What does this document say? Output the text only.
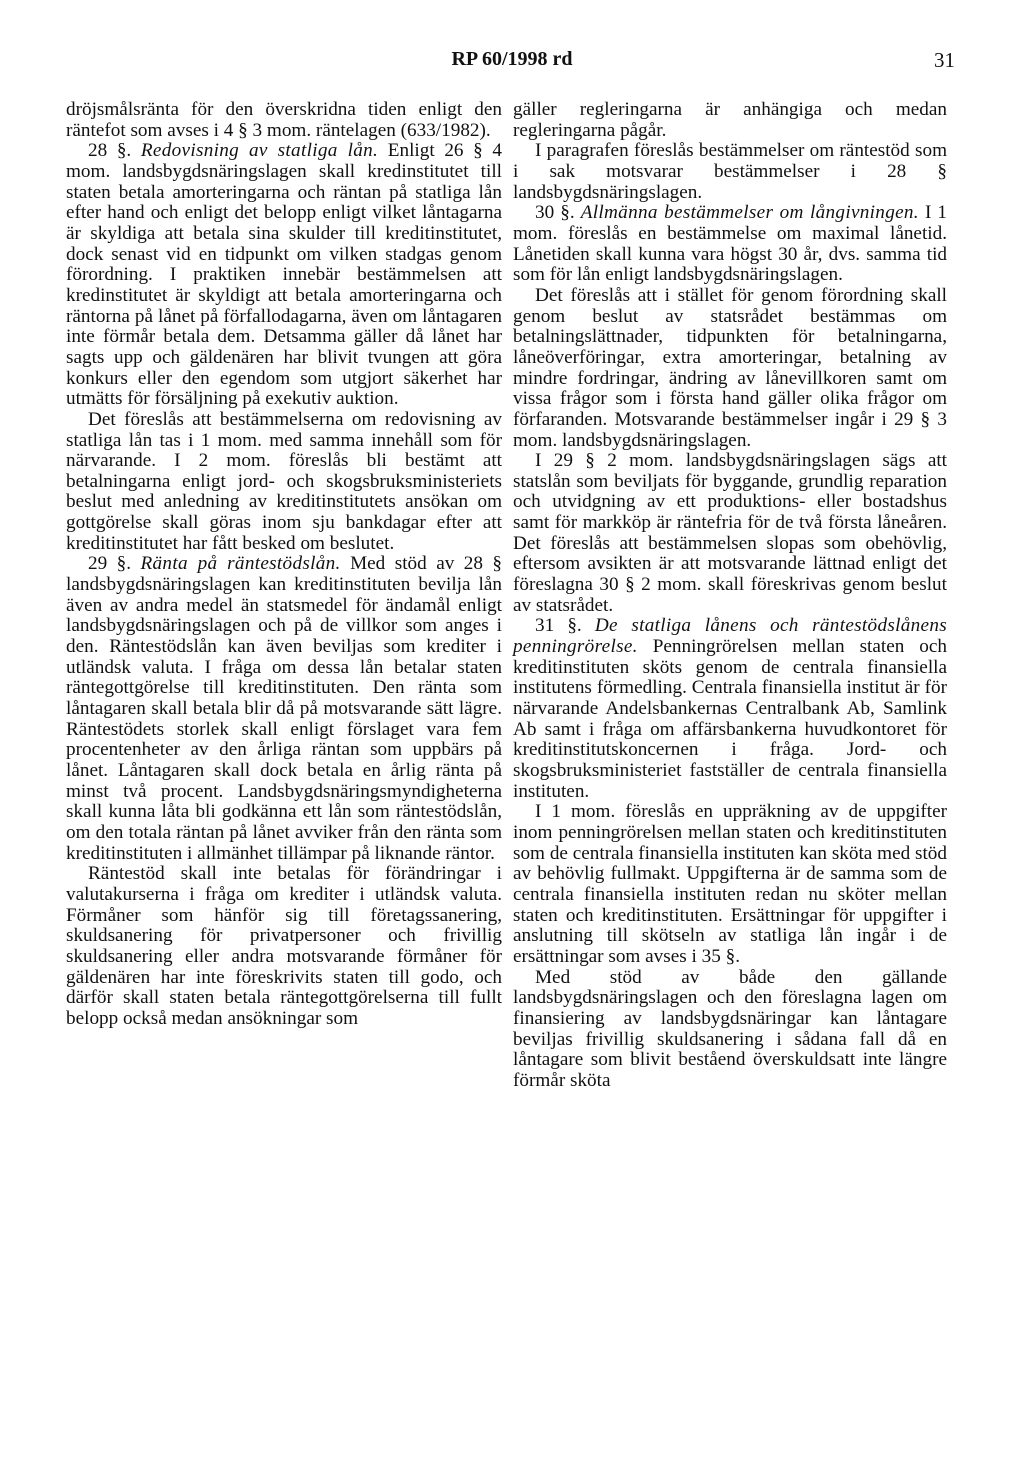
RP 60/1998 rd	31

dröjsmålsränta för den överskridna tiden enligt den räntefot som avses i 4 § 3 mom. räntelagen (633/1982).

28 §. Redovisning av statliga lån. Enligt 26 § 4 mom. landsbygdsnäringslagen skall kredinstitutet till staten betala amorteringarna och räntan på statliga lån efter hand och enligt det belopp enligt vilket låntagarna är skyldiga att betala sina skulder till kreditinstitutet, dock senast vid en tidpunkt om vilken stadgas genom förordning. I praktiken innebär bestämmelsen att kredinstitutet är skyldigt att betala amorteringarna och räntorna på lånet på förfallodagarna, även om låntagaren inte förmår betala dem. Detsamma gäller då lånet har sagts upp och gäldenären har blivit tvungen att göra konkurs eller den egendom som utgjort säkerhet har utmätts för försäljning på exekutiv auktion.

Det föreslås att bestämmelserna om redovisning av statliga lån tas i 1 mom. med samma innehåll som för närvarande. I 2 mom. föreslås bli bestämt att betalningarna enligt jord- och skogsbruksministeriets beslut med anledning av kreditinstitutets ansökan om gottgörelse skall göras inom sju bankdagar efter att kreditinstitutet har fått besked om beslutet.

29 §. Ränta på räntestödslån. Med stöd av 28 § landsbygdsnäringslagen kan kreditinstituten bevilja lån även av andra medel än statsmedel för ändamål enligt landsbygdsnäringslagen och på de villkor som anges i den. Räntestödslån kan även beviljas som krediter i utländsk valuta. I fråga om dessa lån betalar staten räntegottgörelse till kreditinstituten. Den ränta som låntagaren skall betala blir då på motsvarande sätt lägre. Räntestödets storlek skall enligt förslaget vara fem procentenheter av den årliga räntan som uppbärs på lånet. Låntagaren skall dock betala en årlig ränta på minst två procent. Landsbygdsnäringsmyndigheterna skall kunna låta bli godkänna ett lån som räntestödslån, om den totala räntan på lånet avviker från den ränta som kreditinstituten i allmänhet tillämpar på liknande räntor.

Räntestöd skall inte betalas för förändringar i valutakurserna i fråga om krediter i utländsk valuta. Förmåner som hänför sig till företagssanering, skuldsanering för privatpersoner och frivillig skuldsanering eller andra motsvarande förmåner för gäldenären har inte föreskrivits staten till godo, och därför skall staten betala räntegottgörelserna till fullt belopp också medan ansökningar som

gäller regleringarna är anhängiga och medan regleringarna pågår.

I paragrafen föreslås bestämmelser om räntestöd som i sak motsvarar bestämmelser i 28 § landsbygdsnäringslagen.

30 §. Allmänna bestämmelser om långivningen. I 1 mom. föreslås en bestämmelse om maximal lånetid. Lånetiden skall kunna vara högst 30 år, dvs. samma tid som för lån enligt landsbygdsnäringslagen.

Det föreslås att i stället för genom förordning skall genom beslut av statsrådet bestämmas om betalningslättnader, tidpunkten för betalningarna, låneöverföringar, extra amorteringar, betalning av mindre fordringar, ändring av lånevillkoren samt om vissa frågor som i första hand gäller olika frågor om förfaranden. Motsvarande bestämmelser ingår i 29 § 3 mom. landsbygdsnäringslagen.

I 29 § 2 mom. landsbygdsnäringslagen sägs att statslån som beviljats för byggande, grundlig reparation och utvidgning av ett produktions- eller bostadshus samt för markköp är räntefria för de två första låneåren. Det föreslås att bestämmelsen slopas som obehövlig, eftersom avsikten är att motsvarande lättnad enligt det föreslagna 30 § 2 mom. skall föreskrivas genom beslut av statsrådet.

31 §. De statliga lånens och räntestödslånens penningrörelse. Penningrörelsen mellan staten och kreditinstituten sköts genom de centrala finansiella institutens förmedling. Centrala finansiella institut är för närvarande Andelsbankernas Centralbank Ab, Samlink Ab samt i fråga om affärsbankerna huvudkontoret för kreditinstitutskoncernen i fråga. Jord- och skogsbruksministeriet fastställer de centrala finansiella instituten.

I 1 mom. föreslås en uppräkning av de uppgifter inom penningrörelsen mellan staten och kreditinstituten som de centrala finansiella instituten kan sköta med stöd av behövlig fullmakt. Uppgifterna är de samma som de centrala finansiella instituten redan nu sköter mellan staten och kreditinstituten. Ersättningar för uppgifter i anslutning till skötseln av statliga lån ingår i de ersättningar som avses i 35 §.

Med stöd av både den gällande landsbygdsnäringslagen och den föreslagna lagen om finansiering av landsbygdsnäringar kan låntagare beviljas frivillig skuldsanering i sådana fall då en låntagare som blivit beståend överskuldsatt inte längre förmår sköta
